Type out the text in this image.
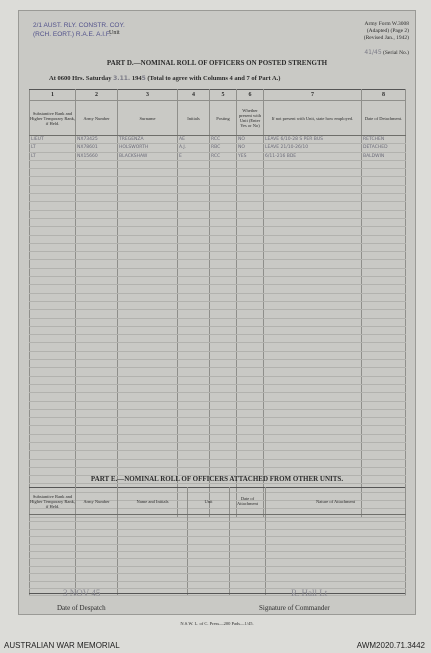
2/1 AUST. RLY. CONSTR. COY.
(RCH. EORT.) R.A.E. A.I.F.
Unit
Army Form W.3008
(Adapted) (Page 2)
(Revised Jan., 1942)
41/45 (Serial No.)
PART D.—NOMINAL ROLL OF OFFICERS ON POSTED STRENGTH
At 0600 Hrs. Saturday 3.11. 1945 (Total to agree with Columns 4 and 7 of Part A.)
1	2	3	4	5	6	7	8
Substantive Rank and Higher Temporary Rank, if Held.	Army Number	Surname	Initials	Posting	Whether present with Unit (Enter Yes or No)	If not present with Unit, state how employed.	Date of Detachment.
LIEUT	NX73425	TREGENZA	AE	RCC	NO	LEAVE 6/10-28 S PER BUS	RETCHEN
LT	NX78601	HOLSWORTH	A.J.	RBC	NO	LEAVE 21/10-26/10	DETACHED
LT	NX15660	BLACKSHAW	E	RCC	YES	6/11-216 BDE	BALDWIN

PART E.—NOMINAL ROLL OF OFFICERS ATTACHED FROM OTHER UNITS.
Substantive Rank and Higher Temporary Rank, if Held.	Army Number	Name and Initials	Unit	Date of Attachment	Nature of Attachment

3 NOV 45	R. Hall Lt
Date of Despatch	Signature of Commander
N.S.W. L. of C. Press—200 Pads—1/45.
AUSTRALIAN WAR MEMORIAL	AWM2020.71.3442
